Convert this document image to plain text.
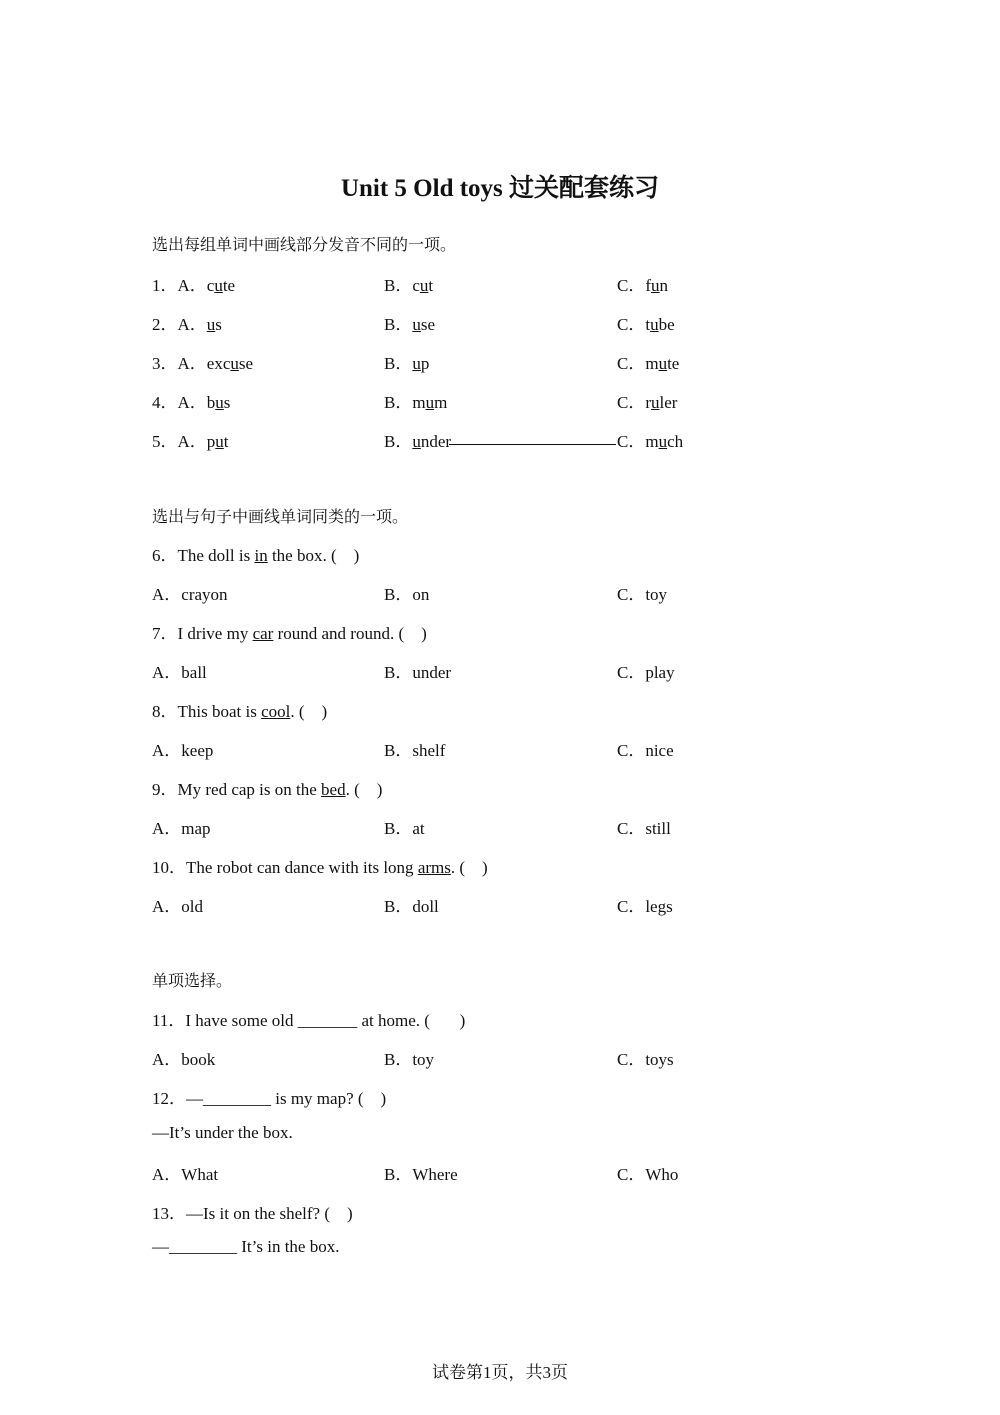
Unit 5 Old toys 过关配套练习
选出每组单词中画线部分发音不同的一项。
1．A．cute	B．cut	C．fun
2．A．us	B．use	C．tube
3．A．excuse	B．up	C．mute
4．A．bus	B．mum	C．ruler
5．A．put	B．under	C．much
选出与句子中画线单词同类的一项。
6．The doll is in the box. (    )
A．crayon	B．on	C．toy
7．I drive my car round and round. (    )
A．ball	B．under	C．play
8．This boat is cool. (    )
A．keep	B．shelf	C．nice
9．My red cap is on the bed. (    )
A．map	B．at	C．still
10．The robot can dance with its long arms. (    )
A．old	B．doll	C．legs
单项选择。
11．I have some old _______ at home. (       )
A．book	B．toy	C．toys
12．—________ is my map? (    )
—It’s under the box.
A．What	B．Where	C．Who
13．—Is it on the shelf? (    )
—________ It’s in the box.
试卷第1页，共3页
